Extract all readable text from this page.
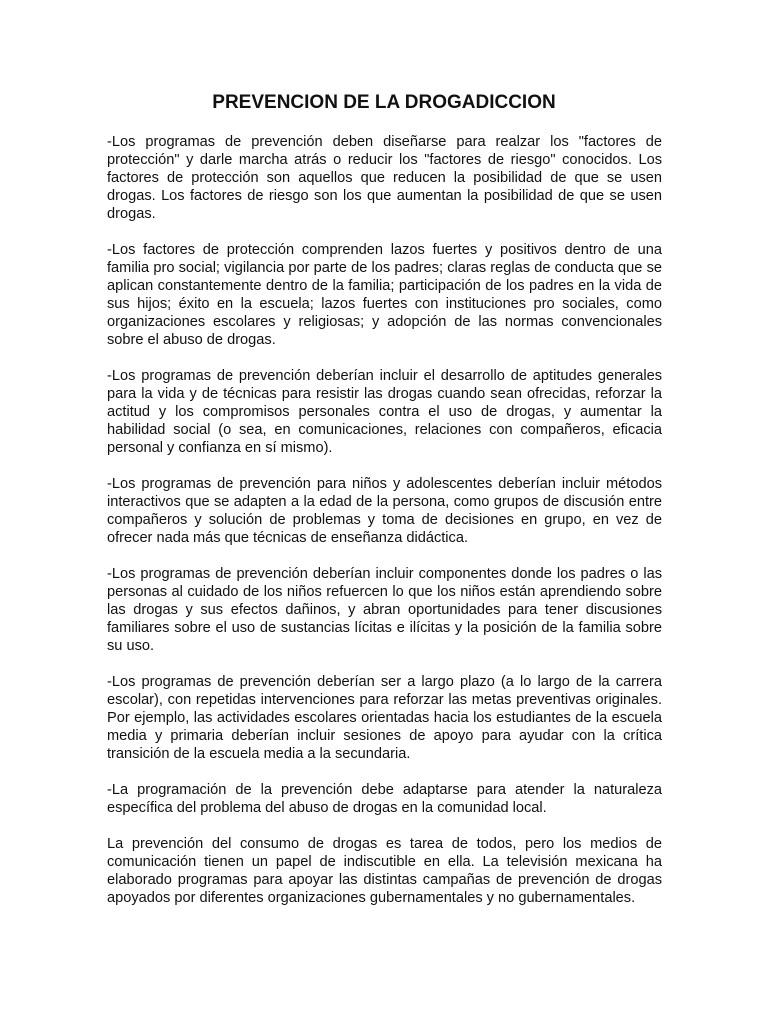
PREVENCION DE LA DROGADICCION

-Los programas de prevención deben diseñarse para realzar los "factores de protección" y darle marcha atrás o reducir los "factores de riesgo" conocidos. Los factores de protección son aquellos que reducen la posibilidad de que se usen drogas. Los factores de riesgo son los que aumentan la posibilidad de que se usen drogas.

-Los factores de protección comprenden lazos fuertes y positivos dentro de una familia pro social; vigilancia por parte de los padres; claras reglas de conducta que se aplican constantemente dentro de la familia; participación de los padres en la vida de sus hijos; éxito en la escuela; lazos fuertes con instituciones pro sociales, como organizaciones escolares y religiosas; y adopción de las normas convencionales sobre el abuso de drogas.

-Los programas de prevención deberían incluir el desarrollo de aptitudes generales para la vida y de técnicas para resistir las drogas cuando sean ofrecidas, reforzar la actitud y los compromisos personales contra el uso de drogas, y aumentar la habilidad social (o sea, en comunicaciones, relaciones con compañeros, eficacia personal y confianza en sí mismo).

-Los programas de prevención para niños y adolescentes deberían incluir métodos interactivos que se adapten a la edad de la persona, como grupos de discusión entre compañeros y solución de problemas y toma de decisiones en grupo, en vez de ofrecer nada más que técnicas de enseñanza didáctica.

-Los programas de prevención deberían incluir componentes donde los padres o las personas al cuidado de los niños refuercen lo que los niños están aprendiendo sobre las drogas y sus efectos dañinos, y abran oportunidades para tener discusiones familiares sobre el uso de sustancias lícitas e ilícitas y la posición de la familia sobre su uso.

-Los programas de prevención deberían ser a largo plazo (a lo largo de la carrera escolar), con repetidas intervenciones para reforzar las metas preventivas originales. Por ejemplo, las actividades escolares orientadas hacia los estudiantes de la escuela media y primaria deberían incluir sesiones de apoyo para ayudar con la crítica transición de la escuela media a la secundaria.

-La programación de la prevención debe adaptarse para atender la naturaleza específica del problema del abuso de drogas en la comunidad local.

La prevención del consumo de drogas es tarea de todos, pero los medios de comunicación tienen un papel de indiscutible en ella. La televisión mexicana ha elaborado programas para apoyar las distintas campañas de prevención de drogas apoyados por diferentes organizaciones gubernamentales y no gubernamentales.
